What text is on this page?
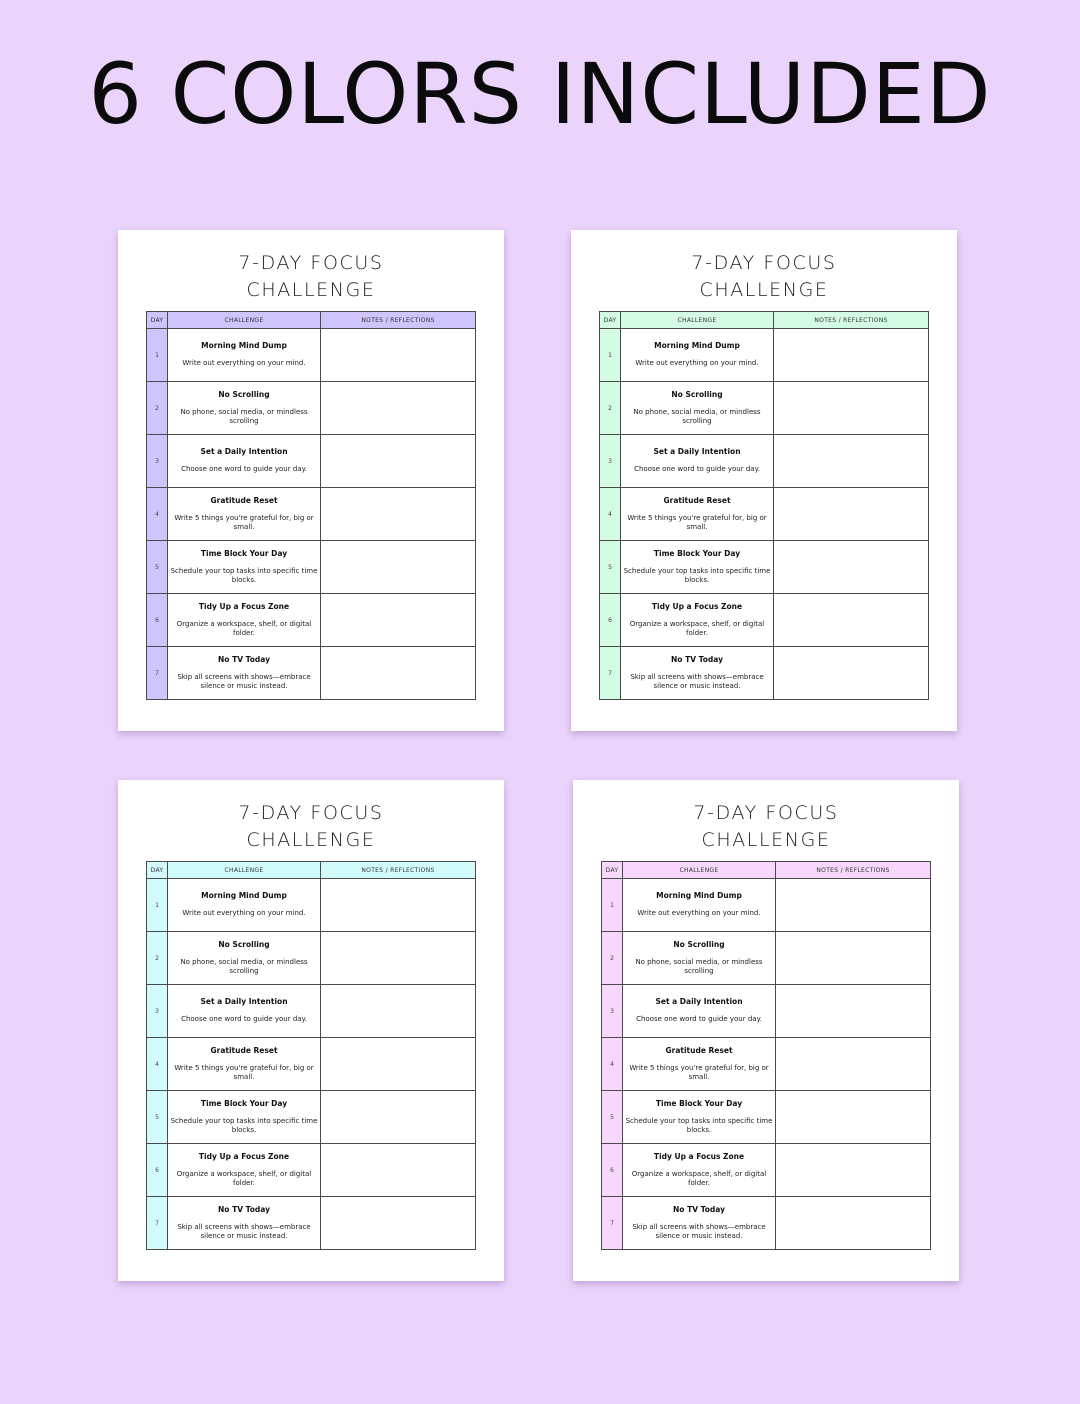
6 COLORS INCLUDED
7-DAY FOCUS
CHALLENGE
DAY	CHALLENGE	NOTES / REFLECTIONS
1	Morning Mind Dump
Write out everything on your mind.	

2	No Scrolling
No phone, social media, or mindless scrolling	

3	Set a Daily Intention
Choose one word to guide your day.	

4	Gratitude Reset
Write 5 things you're grateful for, big or small.	

5	Time Block Your Day
Schedule your top tasks into specific time blocks.	

6	Tidy Up a Focus Zone
Organize a workspace, shelf, or digital folder.	

7	No TV Today
Skip all screens with shows—embrace silence or music instead.	

7-DAY FOCUS
CHALLENGE
DAY	CHALLENGE	NOTES / REFLECTIONS
1	Morning Mind Dump
Write out everything on your mind.	

2	No Scrolling
No phone, social media, or mindless scrolling	

3	Set a Daily Intention
Choose one word to guide your day.	

4	Gratitude Reset
Write 5 things you're grateful for, big or small.	

5	Time Block Your Day
Schedule your top tasks into specific time blocks.	

6	Tidy Up a Focus Zone
Organize a workspace, shelf, or digital folder.	

7	No TV Today
Skip all screens with shows—embrace silence or music instead.	

7-DAY FOCUS
CHALLENGE
DAY	CHALLENGE	NOTES / REFLECTIONS
1	Morning Mind Dump
Write out everything on your mind.	

2	No Scrolling
No phone, social media, or mindless scrolling	

3	Set a Daily Intention
Choose one word to guide your day.	

4	Gratitude Reset
Write 5 things you're grateful for, big or small.	

5	Time Block Your Day
Schedule your top tasks into specific time blocks.	

6	Tidy Up a Focus Zone
Organize a workspace, shelf, or digital folder.	

7	No TV Today
Skip all screens with shows—embrace silence or music instead.	

7-DAY FOCUS
CHALLENGE
DAY	CHALLENGE	NOTES / REFLECTIONS
1	Morning Mind Dump
Write out everything on your mind.	

2	No Scrolling
No phone, social media, or mindless scrolling	

3	Set a Daily Intention
Choose one word to guide your day.	

4	Gratitude Reset
Write 5 things you're grateful for, big or small.	

5	Time Block Your Day
Schedule your top tasks into specific time blocks.	

6	Tidy Up a Focus Zone
Organize a workspace, shelf, or digital folder.	

7	No TV Today
Skip all screens with shows—embrace silence or music instead.	
